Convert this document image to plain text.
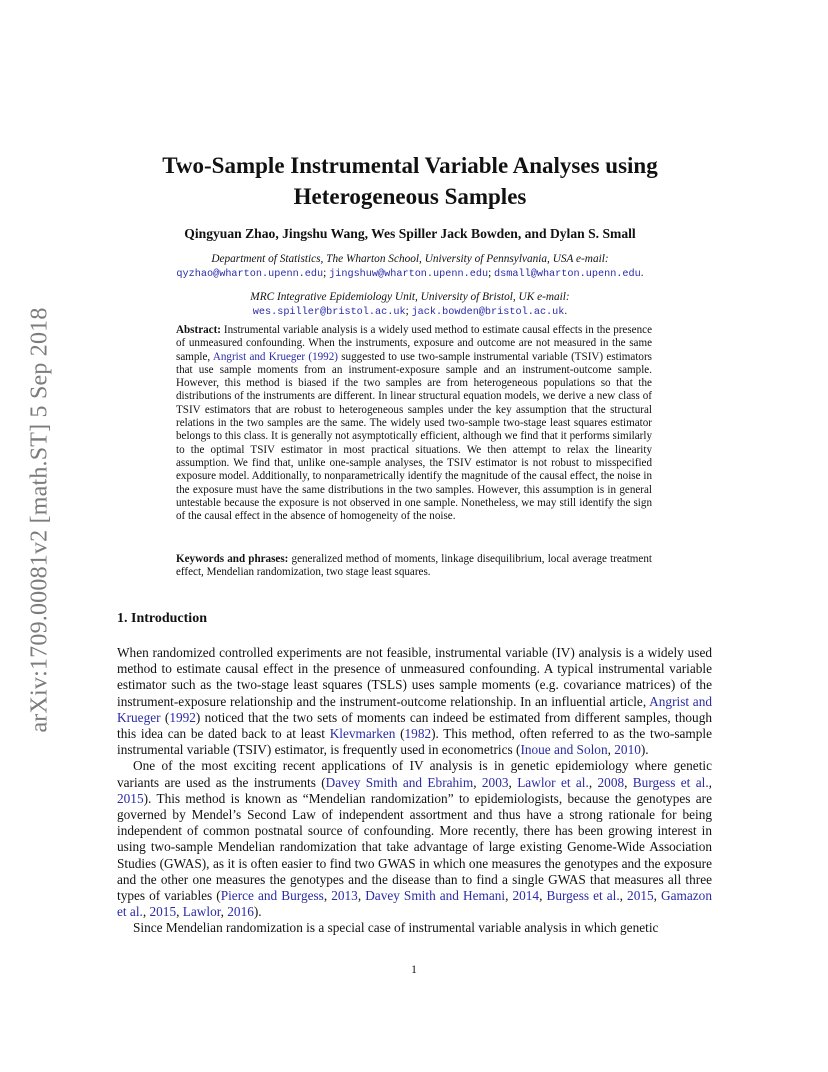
arXiv:1709.00081v2 [math.ST] 5 Sep 2018
Two-Sample Instrumental Variable Analyses using
Heterogeneous Samples
Qingyuan Zhao, Jingshu Wang, Wes Spiller Jack Bowden, and Dylan S. Small
Department of Statistics, The Wharton School, University of Pennsylvania, USA e-mail:
qyzhao@wharton.upenn.edu; jingshuw@wharton.upenn.edu; dsmall@wharton.upenn.edu.
MRC Integrative Epidemiology Unit, University of Bristol, UK e-mail:
wes.spiller@bristol.ac.uk; jack.bowden@bristol.ac.uk.
Abstract: Instrumental variable analysis is a widely used method to estimate causal effects in the presence of unmeasured confounding. When the instruments, exposure and outcome are not measured in the same sample, Angrist and Krueger (1992) suggested to use two-sample instrumental variable (TSIV) estimators that use sample moments from an instrument-exposure sample and an instrument-outcome sample. However, this method is biased if the two samples are from heterogeneous populations so that the distributions of the instruments are different. In linear structural equation models, we derive a new class of TSIV estimators that are robust to heterogeneous samples under the key assumption that the structural relations in the two samples are the same. The widely used two-sample two-stage least squares estimator belongs to this class. It is generally not asymptotically efficient, although we find that it performs similarly to the optimal TSIV estimator in most practical situations. We then attempt to relax the linearity assumption. We find that, unlike one-sample analyses, the TSIV estimator is not robust to misspecified exposure model. Additionally, to nonparametrically identify the magnitude of the causal effect, the noise in the exposure must have the same distributions in the two samples. However, this assumption is in general untestable because the exposure is not observed in one sample. Nonetheless, we may still identify the sign of the causal effect in the absence of homogeneity of the noise.
Keywords and phrases: generalized method of moments, linkage disequilibrium, local average treatment effect, Mendelian randomization, two stage least squares.
1. Introduction

When randomized controlled experiments are not feasible, instrumental variable (IV) analysis is a widely used method to estimate causal effect in the presence of unmeasured confounding. A typical instrumental variable estimator such as the two-stage least squares (TSLS) uses sample moments (e.g. covariance matrices) of the instrument-exposure relationship and the instrument-outcome relationship. In an influential article, Angrist and Krueger (1992) noticed that the two sets of moments can indeed be estimated from different samples, though this idea can be dated back to at least Klevmarken (1982). This method, often referred to as the two-sample instrumental variable (TSIV) estimator, is frequently used in econometrics (Inoue and Solon, 2010).

One of the most exciting recent applications of IV analysis is in genetic epidemiology where genetic variants are used as the instruments (Davey Smith and Ebrahim, 2003, Lawlor et al., 2008, Burgess et al., 2015). This method is known as “Mendelian randomization” to epidemiologists, because the genotypes are governed by Mendel’s Second Law of independent assortment and thus have a strong rationale for being independent of common postnatal source of confounding. More recently, there has been growing interest in using two-sample Mendelian randomization that take advantage of large existing Genome-Wide Association Studies (GWAS), as it is often easier to find two GWAS in which one measures the genotypes and the exposure and the other one measures the genotypes and the disease than to find a single GWAS that measures all three types of variables (Pierce and Burgess, 2013, Davey Smith and Hemani, 2014, Burgess et al., 2015, Gamazon et al., 2015, Lawlor, 2016).

Since Mendelian randomization is a special case of instrumental variable analysis in which genetic

1
